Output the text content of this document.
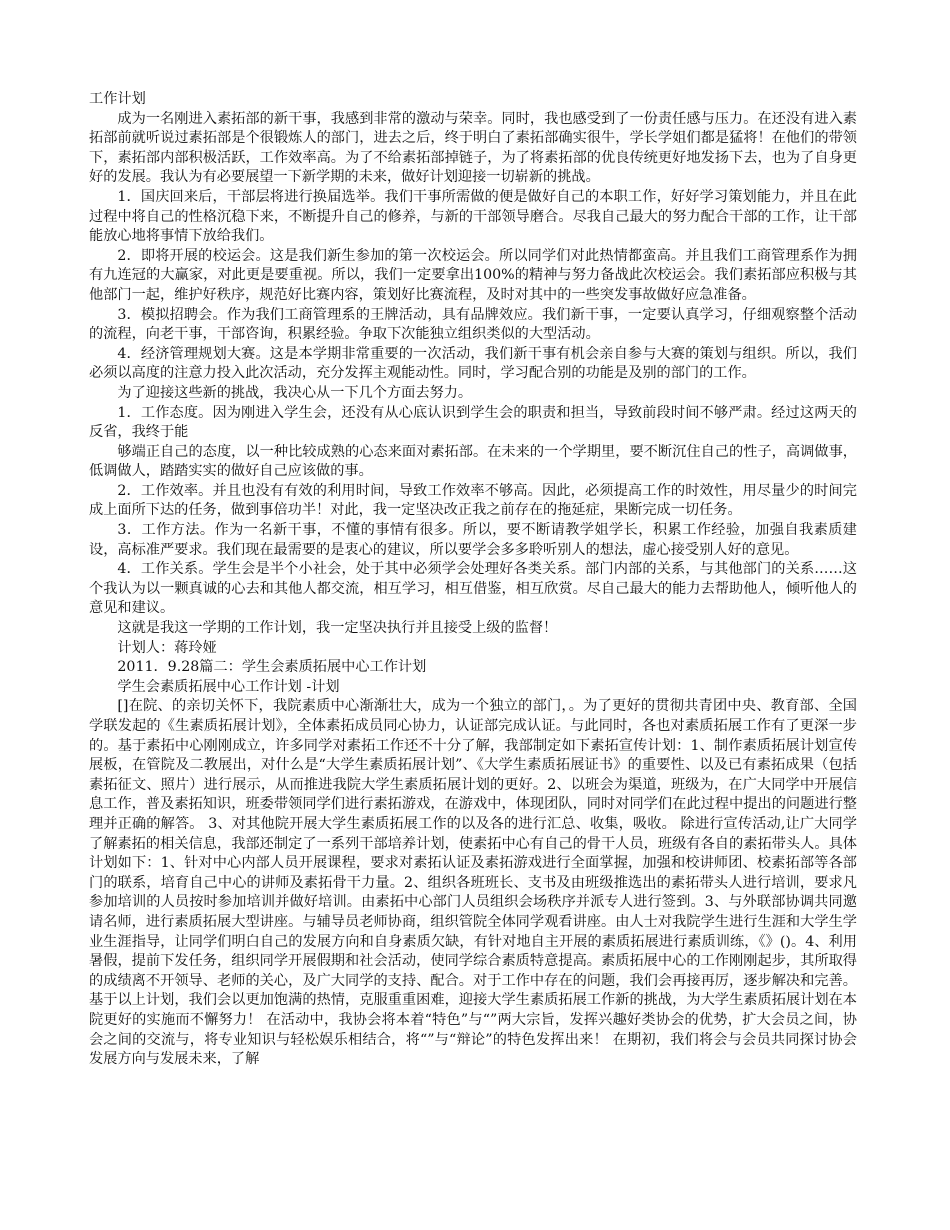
工作计划

成为一名刚进入素拓部的新干事，我感到非常的激动与荣幸。同时，我也感受到了一份责任感与压力。在还没有进入素拓部前就听说过素拓部是个很锻炼人的部门，进去之后，终于明白了素拓部确实很牛，学长学姐们都是猛将！在他们的带领下，素拓部内部积极活跃，工作效率高。为了不给素拓部掉链子，为了将素拓部的优良传统更好地发扬下去，也为了自身更好的发展。我认为有必要展望一下新学期的未来，做好计划迎接一切崭新的挑战。

1．国庆回来后，干部层将进行换届选举。我们干事所需做的便是做好自己的本职工作，好好学习策划能力，并且在此过程中将自己的性格沉稳下来，不断提升自己的修养，与新的干部领导磨合。尽我自己最大的努力配合干部的工作，让干部能放心地将事情下放给我们。

2．即将开展的校运会。这是我们新生参加的第一次校运会。所以同学们对此热情都蛮高。并且我们工商管理系作为拥有九连冠的大赢家，对此更是要重视。所以，我们一定要拿出100%的精神与努力备战此次校运会。我们素拓部应积极与其他部门一起，维护好秩序，规范好比赛内容，策划好比赛流程，及时对其中的一些突发事故做好应急准备。

3．模拟招聘会。作为我们工商管理系的王牌活动，具有品牌效应。我们新干事，一定要认真学习，仔细观察整个活动的流程，向老干事，干部咨询，积累经验。争取下次能独立组织类似的大型活动。

4．经济管理规划大赛。这是本学期非常重要的一次活动，我们新干事有机会亲自参与大赛的策划与组织。所以，我们必须以高度的注意力投入此次活动，充分发挥主观能动性。同时，学习配合别的功能是及别的部门的工作。

为了迎接这些新的挑战，我决心从一下几个方面去努力。

1．工作态度。因为刚进入学生会，还没有从心底认识到学生会的职责和担当，导致前段时间不够严肃。经过这两天的反省，我终于能

够端正自己的态度，以一种比较成熟的心态来面对素拓部。在未来的一个学期里，要不断沉住自己的性子，高调做事，低调做人，踏踏实实的做好自己应该做的事。

2．工作效率。并且也没有有效的利用时间，导致工作效率不够高。因此，必须提高工作的时效性，用尽量少的时间完成上面所下达的任务，做到事倍功半！对此，我一定坚决改正我之前存在的拖延症，果断完成一切任务。

3．工作方法。作为一名新干事，不懂的事情有很多。所以，要不断请教学姐学长，积累工作经验，加强自我素质建设，高标准严要求。我们现在最需要的是衷心的建议，所以要学会多多聆听别人的想法，虚心接受别人好的意见。

4．工作关系。学生会是半个小社会，处于其中必须学会处理好各类关系。部门内部的关系，与其他部门的关系……这个我认为以一颗真诚的心去和其他人都交流，相互学习，相互借鉴，相互欣赏。尽自己最大的能力去帮助他人，倾听他人的意见和建议。

这就是我这一学期的工作计划，我一定坚决执行并且接受上级的监督！

计划人：蒋玲娅

2011．9.28篇二：学生会素质拓展中心工作计划

学生会素质拓展中心工作计划 -计划

[]在院、的亲切关怀下，我院素质中心渐渐壮大，成为一个独立的部门，。为了更好的贯彻共青团中央、教育部、全国学联发起的《生素质拓展计划》，全体素拓成员同心协力，认证部完成认证。与此同时，各也对素质拓展工作有了更深一步的。基于素拓中心刚刚成立，许多同学对素拓工作还不十分了解，我部制定如下素拓宣传计划：1、制作素质拓展计划宣传展板，在管院及二教展出，对什么是“大学生素质拓展计划”、《大学生素质拓展证书》的重要性、以及已有素拓成果（包括素拓征文、照片）进行展示，从而推进我院大学生素质拓展计划的更好。2、以班会为渠道，班级为，在广大同学中开展信息工作，普及素拓知识，班委带领同学们进行素拓游戏，在游戏中，体现团队，同时对同学们在此过程中提出的问题进行整理并正确的解答。 3、对其他院开展大学生素质拓展工作的以及各的进行汇总、收集，吸收。 除进行宣传活动,让广大同学了解素拓的相关信息，我部还制定了一系列干部培养计划，使素拓中心有自己的骨干人员，班级有各自的素拓带头人。具体计划如下：1、针对中心内部人员开展课程，要求对素拓认证及素拓游戏进行全面掌握，加强和校讲师团、校素拓部等各部门的联系，培育自己中心的讲师及素拓骨干力量。2、组织各班班长、支书及由班级推选出的素拓带头人进行培训，要求凡参加培训的人员按时参加培训并做好培训。由素拓中心部门人员组织会场秩序并派专人进行签到。3、与外联部协调共同邀请名师，进行素质拓展大型讲座。与辅导员老师协商，组织管院全体同学观看讲座。由人士对我院学生进行生涯和大学生学业生涯指导，让同学们明白自己的发展方向和自身素质欠缺，有针对地自主开展的素质拓展进行素质训练，《》()。4、利用暑假，提前下发任务，组织同学开展假期和社会活动，使同学综合素质特意提高。素质拓展中心的工作刚刚起步，其所取得的成绩离不开领导、老师的关心，及广大同学的支持、配合。对于工作中存在的问题，我们会再接再厉，逐步解决和完善。基于以上计划，我们会以更加饱满的热情，克服重重困难，迎接大学生素质拓展工作新的挑战，为大学生素质拓展计划在本院更好的实施而不懈努力！ 在活动中，我协会将本着“特色”与“”两大宗旨，发挥兴趣好类协会的优势，扩大会员之间，协会之间的交流与，将专业知识与轻松娱乐相结合，将“”与“辩论”的特色发挥出来！ 在期初，我们将会与会员共同探讨协会发展方向与发展未来，了解
